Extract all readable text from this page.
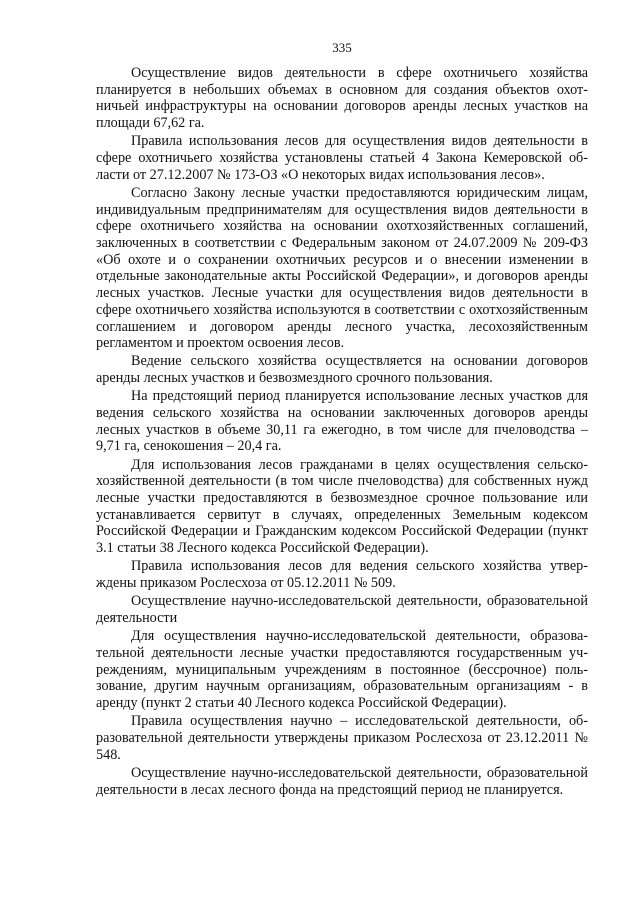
335

Осуществление видов деятельности в сфере охотничьего хозяйства планируется в небольших объемах в основном для создания объектов охотничьей инфраструктуры на основании договоров аренды лесных участков на площади 67,62 га.

Правила использования лесов для осуществления видов деятельности в сфере охотничьего хозяйства установлены статьей 4 Закона Кемеровской области от 27.12.2007 № 173-ОЗ «О некоторых видах использования лесов».

Согласно Закону лесные участки предоставляются юридическим лицам, индивидуальным предпринимателям для осуществления видов деятельности в сфере охотничьего хозяйства на основании охотхозяйственных соглашений, заключенных в соответствии с Федеральным законом от 24.07.2009 № 209-ФЗ «Об охоте и о сохранении охотничьих ресурсов и о внесении изменении в отдельные законодательные акты Российской Федерации», и договоров аренды лесных участков. Лесные участки для осуществления видов деятельности в сфере охотничьего хозяйства используются в соответствии с охотхозяйственным соглашением и договором аренды лесного участка, лесохозяйственным регламентом и проектом освоения лесов.

Ведение сельского хозяйства осуществляется на основании договоров аренды лесных участков и безвозмездного срочного пользования.

На предстоящий период планируется использование лесных участков для ведения сельского хозяйства на основании заключенных договоров аренды лесных участков в объеме 30,11 га ежегодно, в том числе для пчеловодства – 9,71 га, сенокошения – 20,4 га.

Для использования лесов гражданами в целях осуществления сельскохозяйственной деятельности (в том числе пчеловодства) для собственных нужд лесные участки предоставляются в безвозмездное срочное пользование или устанавливается сервитут в случаях, определенных Земельным кодексом Российской Федерации и Гражданским кодексом Российской Федерации (пункт 3.1 статьи 38 Лесного кодекса Российской Федерации).

Правила использования лесов для ведения сельского хозяйства утверждены приказом Рослесхоза от 05.12.2011 № 509.

Осуществление научно-исследовательской деятельности, образовательной деятельности

Для осуществления научно-исследовательской деятельности, образовательной деятельности лесные участки предоставляются государственным учреждениям, муниципальным учреждениям в постоянное (бессрочное) пользование, другим научным организациям, образовательным организациям - в аренду (пункт 2 статьи 40 Лесного кодекса Российской Федерации).

Правила осуществления научно – исследовательской деятельности, образовательной деятельности утверждены приказом Рослесхоза от 23.12.2011 № 548.

Осуществление научно-исследовательской деятельности, образовательной деятельности в лесах лесного фонда на предстоящий период не планируется.
